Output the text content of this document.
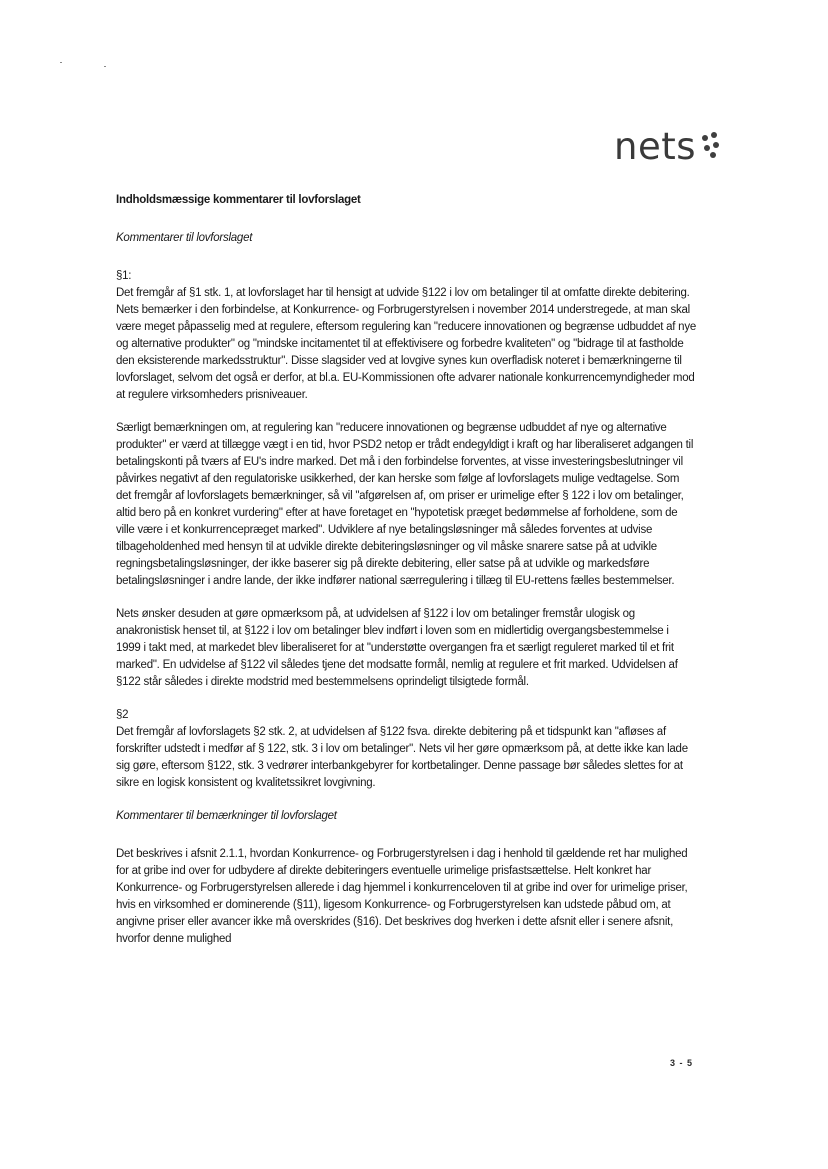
nets

Indholdsmæssige kommentarer til lovforslaget

Kommentarer til lovforslaget

§1:

Det fremgår af §1 stk. 1, at lovforslaget har til hensigt at udvide §122 i lov om betalinger til at omfatte direkte debitering. Nets bemærker i den forbindelse, at Konkurrence- og Forbrugerstyrelsen i november 2014 understregede, at man skal være meget påpasselig med at regulere, eftersom regulering kan "reducere innovationen og begrænse udbuddet af nye og alternative produkter" og "mindske incitamentet til at effektivisere og forbedre kvaliteten" og "bidrage til at fastholde den eksisterende markedsstruktur". Disse slagsider ved at lovgive synes kun overfladisk noteret i bemærkningerne til lovforslaget, selvom det også er derfor, at bl.a. EU-Kommissionen ofte advarer nationale konkurrencemyndigheder mod at regulere virksomheders prisniveauer.

Særligt bemærkningen om, at regulering kan "reducere innovationen og begrænse udbuddet af nye og alternative produkter" er værd at tillægge vægt i en tid, hvor PSD2 netop er trådt endegyldigt i kraft og har liberaliseret adgangen til betalingskonti på tværs af EU's indre marked. Det må i den forbindelse forventes, at visse investeringsbeslutninger vil påvirkes negativt af den regulatoriske usikkerhed, der kan herske som følge af lovforslagets mulige vedtagelse. Som det fremgår af lovforslagets bemærkninger, så vil "afgørelsen af, om priser er urimelige efter § 122 i lov om betalinger, altid bero på en konkret vurdering" efter at have foretaget en "hypotetisk præget bedømmelse af forholdene, som de ville være i et konkurrencepræget marked". Udviklere af nye betalingsløsninger må således forventes at udvise tilbageholdenhed med hensyn til at udvikle direkte debiteringsløsninger og vil måske snarere satse på at udvikle regningsbetalingsløsninger, der ikke baserer sig på direkte debitering, eller satse på at udvikle og markedsføre betalingsløsninger i andre lande, der ikke indfører national særregulering i tillæg til EU-rettens fælles bestemmelser.

Nets ønsker desuden at gøre opmærksom på, at udvidelsen af §122 i lov om betalinger fremstår ulogisk og anakronistisk henset til, at §122 i lov om betalinger blev indført i loven som en midlertidig overgangsbestemmelse i 1999 i takt med, at markedet blev liberaliseret for at "understøtte overgangen fra et særligt reguleret marked til et frit marked". En udvidelse af §122 vil således tjene det modsatte formål, nemlig at regulere et frit marked. Udvidelsen af §122 står således i direkte modstrid med bestemmelsens oprindeligt tilsigtede formål.

§2

Det fremgår af lovforslagets §2 stk. 2, at udvidelsen af §122 fsva. direkte debitering på et tidspunkt kan "afløses af forskrifter udstedt i medfør af § 122, stk. 3 i lov om betalinger". Nets vil her gøre opmærksom på, at dette ikke kan lade sig gøre, eftersom §122, stk. 3 vedrører interbankgebyrer for kortbetalinger. Denne passage bør således slettes for at sikre en logisk konsistent og kvalitetssikret lovgivning.

Kommentarer til bemærkninger til lovforslaget

Det beskrives i afsnit 2.1.1, hvordan Konkurrence- og Forbrugerstyrelsen i dag i henhold til gældende ret har mulighed for at gribe ind over for udbydere af direkte debiteringers eventuelle urimelige prisfastsættelse. Helt konkret har Konkurrence- og Forbrugerstyrelsen allerede i dag hjemmel i konkurrenceloven til at gribe ind over for urimelige priser, hvis en virksomhed er dominerende (§11), ligesom Konkurrence- og Forbrugerstyrelsen kan udstede påbud om, at angivne priser eller avancer ikke må overskrides (§16). Det beskrives dog hverken i dette afsnit eller i senere afsnit, hvorfor denne mulighed

3 - 5
